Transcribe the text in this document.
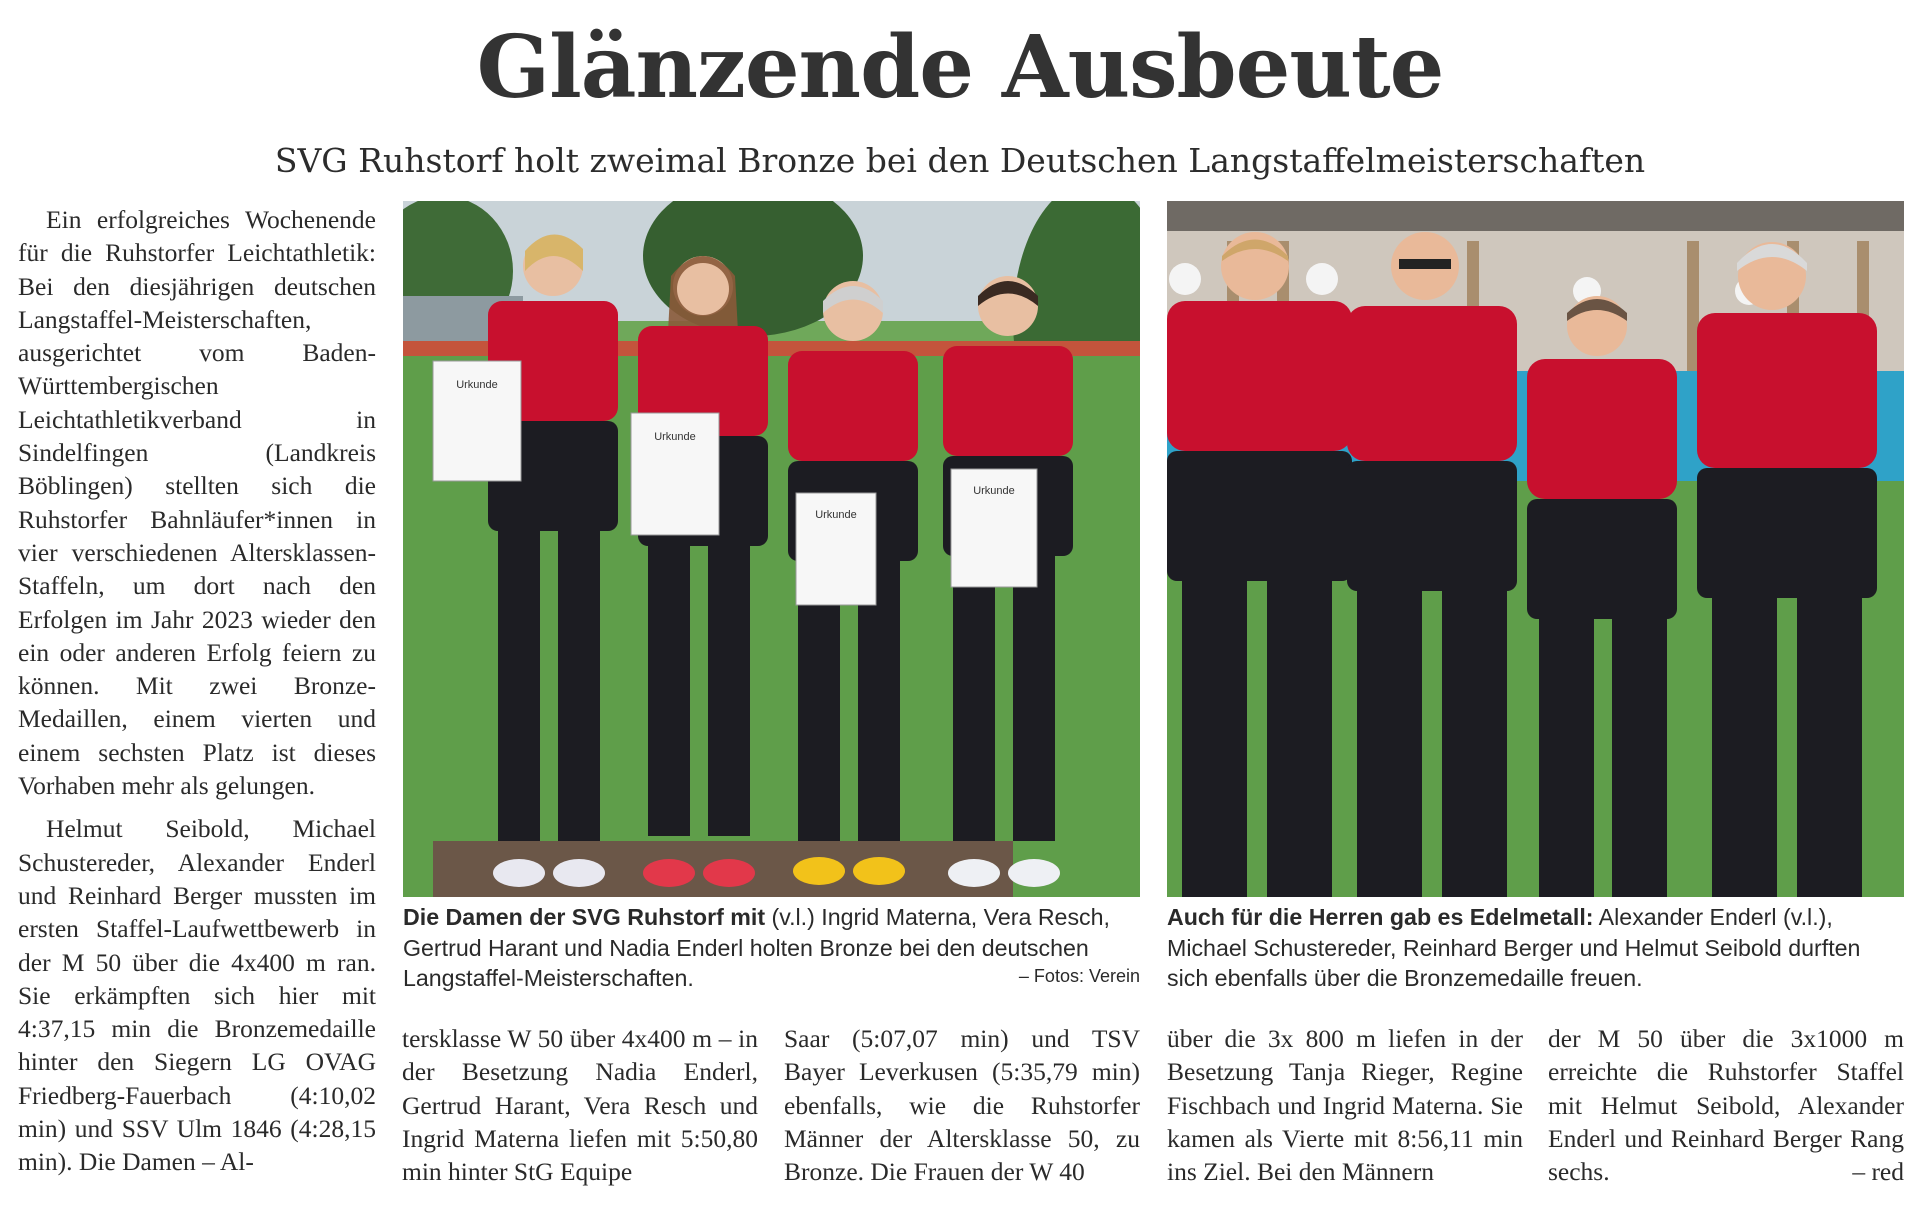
Glänzende Ausbeute
SVG Ruhstorf holt zweimal Bronze bei den Deutschen Langstaffelmeisterschaften

Ein erfolgreiches Wochenende für die Ruhstorfer Leichtathletik: Bei den diesjährigen deutschen Langstaffel-Meisterschaften, ausgerichtet vom Baden-Württembergischen Leichtathletikverband in Sindelfingen (Landkreis Böblingen) stellten sich die Ruhstorfer Bahnläufer*innen in vier verschiedenen Altersklassen-Staffeln, um dort nach den Erfolgen im Jahr 2023 wieder den ein oder anderen Erfolg feiern zu können. Mit zwei Bronze-Medaillen, einem vierten und einem sechsten Platz ist dieses Vorhaben mehr als gelungen.

Helmut Seibold, Michael Schustereder, Alexander Enderl und Reinhard Berger mussten im ersten Staffel-Laufwettbewerb in der M 50 über die 4x400 m ran. Sie erkämpften sich hier mit 4:37,15 min die Bronzemedaille hinter den Siegern LG OVAG Friedberg-Fauerbach (4:10,02 min) und SSV Ulm 1846 (4:28,15 min). Die Damen – Al-

Urkunde
Urkunde
Urkunde
Urkunde
Die Damen der SVG Ruhstorf mit (v.l.) Ingrid Materna, Vera Resch, Gertrud Harant und Nadia Enderl holten Bronze bei den deutschen Langstaffel-Meisterschaften.	– Fotos: Verein
Auch für die Herren gab es Edelmetall: Alexander Enderl (v.l.), Michael Schustereder, Reinhard Berger und Helmut Seibold durften sich ebenfalls über die Bronzemedaille freuen.

tersklasse W 50 über 4x400 m – in der Besetzung Nadia Enderl, Gertrud Harant, Vera Resch und Ingrid Materna liefen mit 5:50,80 min hinter StG Equipe

Saar (5:07,07 min) und TSV Bayer Leverkusen (5:35,79 min) ebenfalls, wie die Ruhstorfer Männer der Altersklasse 50, zu Bronze. Die Frauen der W 40

über die 3x 800 m liefen in der Besetzung Tanja Rieger, Regine Fischbach und Ingrid Materna. Sie kamen als Vierte mit 8:56,11 min ins Ziel. Bei den Männern

der M 50 über die 3x1000 m erreichte die Ruhstorfer Staffel mit Helmut Seibold, Alexander Enderl und Reinhard Berger Rang sechs.	– red
